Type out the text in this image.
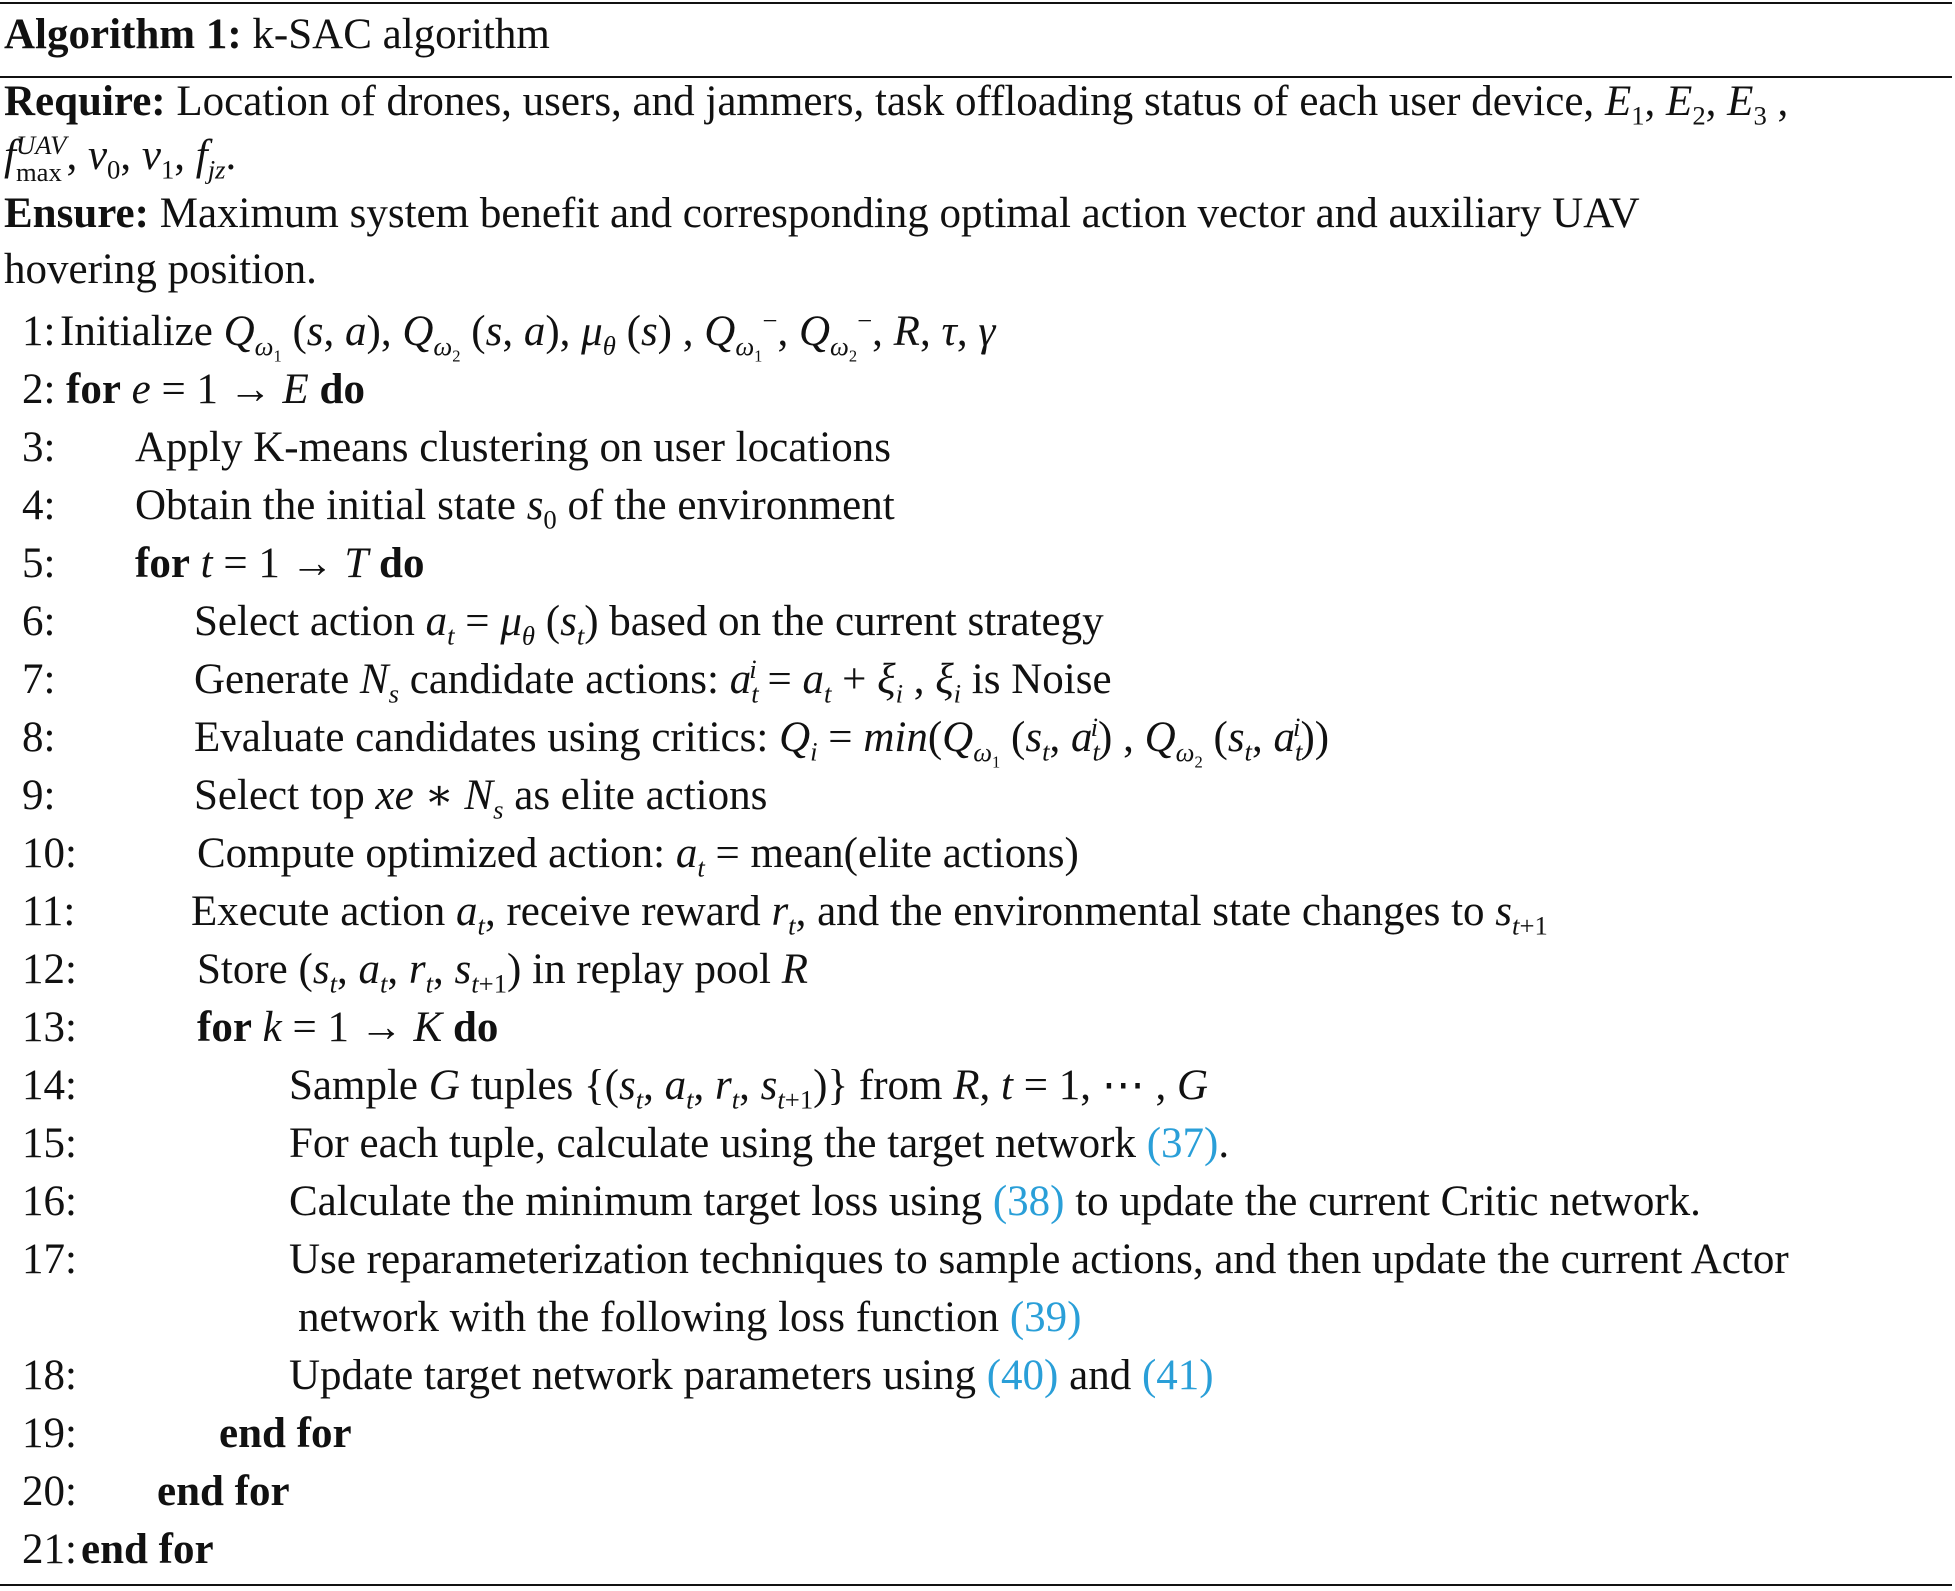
Algorithm 1: k-SAC algorithm
Require: Location of drones, users, and jammers, task offloading status of each user device, $E_1$, $E_2$, $E_3$ ,
f UAV
max , $v_0$, $v_1$, $f_{jz}$.
Ensure: Maximum system benefit and corresponding optimal action vector and auxiliary UAV
hovering position.
1:
2:
3:
4:
5:
6:
7:
8:
9:
10:
11:
12:
13:
14:
15:
16:
17:
18:
19:
20:
21:
Initialize $Q_{\omega_1}$ (s, a), $Q_{\omega_2}$ (s, a), $\mu_\theta$ (s) , $Q_{\omega_1}^-$, $Q_{\omega_2}^-$, R, τ, γ
for e = 1 → E do
Apply K-means clustering on user locations
Obtain the initial state $s_0$ of the environment
for t = 1 → T do
Select action $a_t = \mu_\theta$ $(s_t)$ based on the current strategy
Generate $N_s$ candidate actions: $a_t^i = a_t + \xi_i$ , $\xi_i$ is Noise
Evaluate candidates using critics: $Q_i = \min(Q_{\omega_1}$ ($s_t$, $a_t^i$) , $Q_{\omega_2}$ ($s_t$, $a_t^i$))
Select top xe ∗ $N_s$ as elite actions
Compute optimized action: $a_t$ = mean(elite actions)
Execute action $a_t$, receive reward $r_t$, and the environmental state changes to $s_{t+1}$
Store ($s_t$, $a_t$, $r_t$, $s_{t+1}$) in replay pool R
for k = 1 → K do
Sample G tuples {($s_t$, $a_t$, $r_t$, $s_{t+1}$)} from R, t = 1, ⋯ , G
For each tuple, calculate using the target network (37).
Calculate the minimum target loss using (38) to update the current Critic network.
Use reparameterization techniques to sample actions, and then update the current Actor
network with the following loss function (39)
Update target network parameters using (40) and (41)
end for
end for
end for
